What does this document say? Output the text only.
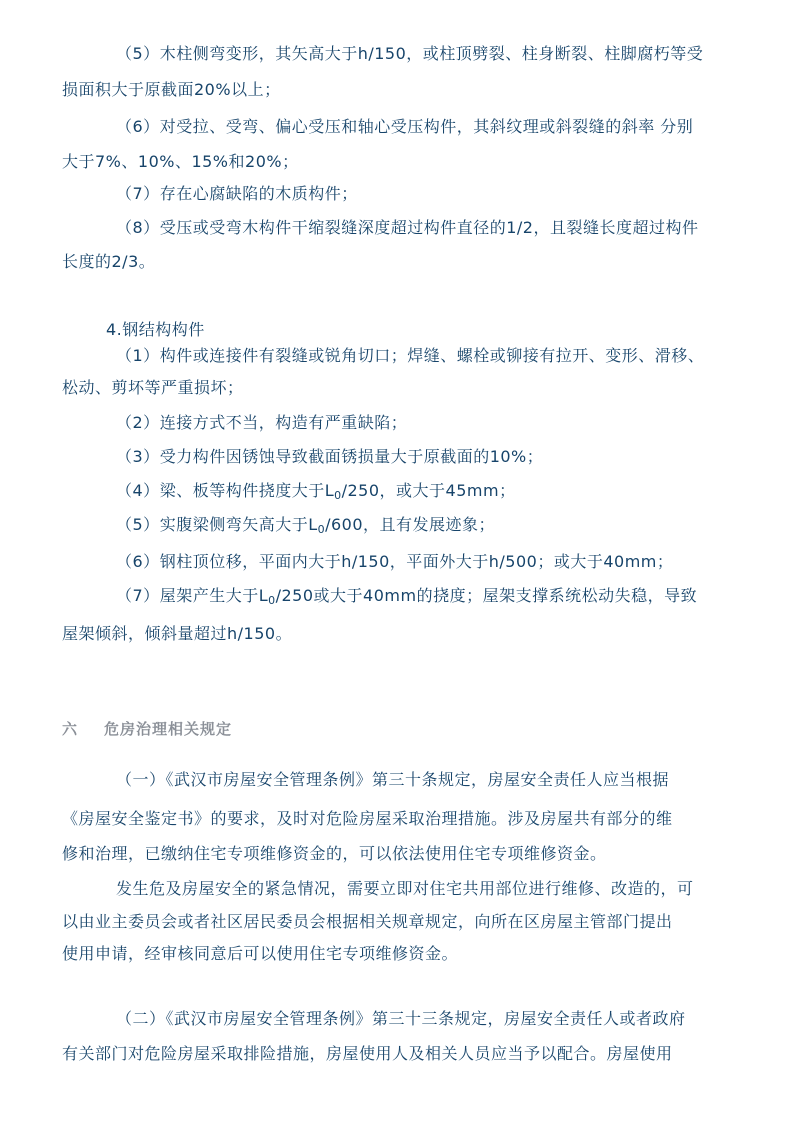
（5）木柱侧弯变形，其矢高大于h/150，或柱顶劈裂、柱身断裂、柱脚腐朽等受
损面积大于原截面20%以上；
（6）对受拉、受弯、偏心受压和轴心受压构件，其斜纹理或斜裂缝的斜率 分别
大于7%、10%、15%和20%；
（7）存在心腐缺陷的木质构件；
（8）受压或受弯木构件干缩裂缝深度超过构件直径的1/2，且裂缝长度超过构件
长度的2/3。
4.钢结构构件
（1）构件或连接件有裂缝或锐角切口；焊缝、螺栓或铆接有拉开、变形、滑移、
松动、剪坏等严重损坏；
（2）连接方式不当，构造有严重缺陷；
（3）受力构件因锈蚀导致截面锈损量大于原截面的10%；
（4）梁、板等构件挠度大于$L_0/250$，或大于45mm；
（5）实腹梁侧弯矢高大于$L_0/600$，且有发展迹象；
（6）钢柱顶位移，平面内大于h/150，平面外大于h/500；或大于40mm；
（7）屋架产生大于$L_0/250$或大于40mm的挠度；屋架支撑系统松动失稳，导致
屋架倾斜，倾斜量超过h/150。
六 危房治理相关规定
（一）《武汉市房屋安全管理条例》第三十条规定，房屋安全责任人应当根据
《房屋安全鉴定书》的要求，及时对危险房屋采取治理措施。涉及房屋共有部分的维
修和治理，已缴纳住宅专项维修资金的，可以依法使用住宅专项维修资金。
发生危及房屋安全的紧急情况，需要立即对住宅共用部位进行维修、改造的，可
以由业主委员会或者社区居民委员会根据相关规章规定，向所在区房屋主管部门提出
使用申请，经审核同意后可以使用住宅专项维修资金。
（二）《武汉市房屋安全管理条例》第三十三条规定，房屋安全责任人或者政府
有关部门对危险房屋采取排险措施，房屋使用人及相关人员应当予以配合。房屋使用
